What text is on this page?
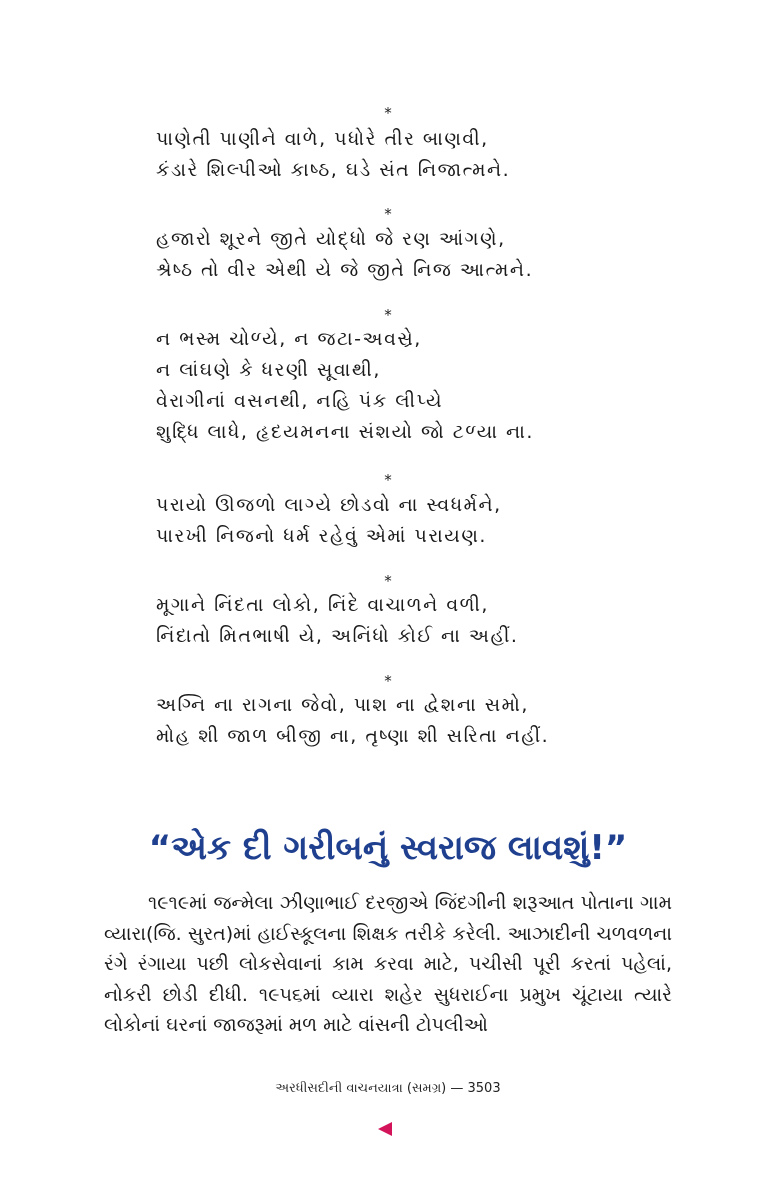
*
પાણેતી પાણીને વાળે, પધોરે તીર બાણવી,
કંડારે શિલ્પીઓ કાષ્ઠ, ઘડે સંત નિજાત્મને.
*
હજારો શૂરને જીતે યોદ્ધો જે રણ આંગણે,
શ્રેષ્ઠ તો વીર એથી યે જે જીતે નિજ આત્મને.
*
ન ભસ્મ ચોળ્યે, ન જટા-અવસ્રે,
ન લાંઘણે કે ધરણી સૂવાથી,
વેરાગીનાં વસનથી, નહિ પંક લીપ્યે
શુદ્ધિ લાધે, હૃદયમનના સંશયો જો ટળ્યા ના.
*
પરાયો ઊજળો લાગ્યે છોડવો ના સ્વધર્મને,
પારખી નિજનો ધર્મ રહેવું એમાં પરાયણ.
*
મૂગાને નિંદતા લોકો, નિંદે વાચાળને વળી,
નિંદાતો મિતભાષી યે, અનિંધો કોઈ ના અહીં.
*
અગ્નિ ના રાગના જેવો, પાશ ના દ્વેશના સમો,
મોહ શી જાળ બીજી ના, તૃષ્ણા શી સરિતા નહીં.
“એક દી ગરીબનું સ્વરાજ લાવશું!”
૧૯૧૯માં જન્મેલા ઝીણાભાઈ દરજીએ જિંદગીની શરૂઆત પોતાના ગામ વ્યારા(જિ. સુરત)માં હાઈસ્કૂલના શિક્ષક તરીકે કરેલી. આઝાદીની ચળવળના રંગે રંગાયા પછી લોકસેવાનાં કામ કરવા માટે, પચીસી પૂરી કરતાં પહેલાં, નોકરી છોડી દીધી. ૧૯૫૬માં વ્યારા શહેર સુધરાઈના પ્રમુખ ચૂંટાયા ત્યારે લોકોનાં ઘરનાં જાજરૂમાં મળ માટે વાંસની ટોપલીઓ
અરધીસદીની વાચનયાત્રા (સમગ્ર) — 3503
